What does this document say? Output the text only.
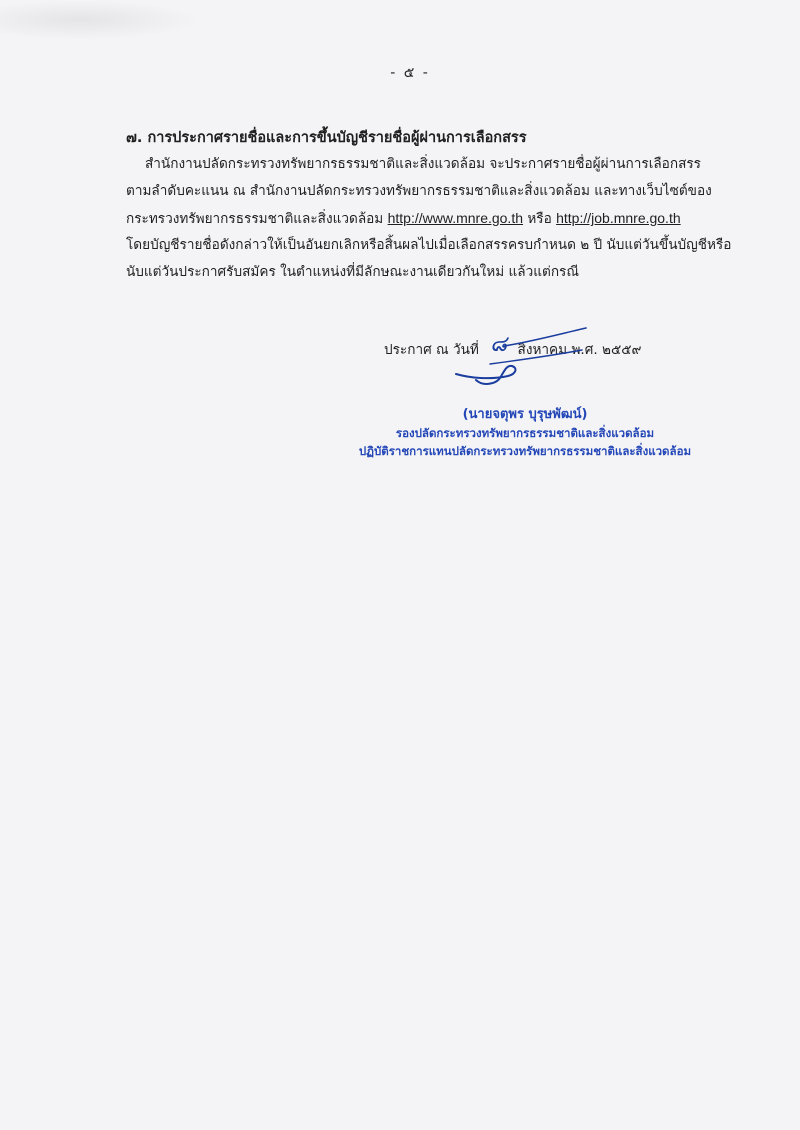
- ๕ -
๗. การประกาศรายชื่อและการขึ้นบัญชีรายชื่อผู้ผ่านการเลือกสรร
สำนักงานปลัดกระทรวงทรัพยากรธรรมชาติและสิ่งแวดล้อม จะประกาศรายชื่อผู้ผ่านการเลือกสรร
ตามลำดับคะแนน ณ สำนักงานปลัดกระทรวงทรัพยากรธรรมชาติและสิ่งแวดล้อม และทางเว็บไซต์ของ
กระทรวงทรัพยากรธรรมชาติและสิ่งแวดล้อม http://www.mnre.go.th หรือ http://job.mnre.go.th
โดยบัญชีรายชื่อดังกล่าวให้เป็นอันยกเลิกหรือสิ้นผลไปเมื่อเลือกสรรครบกำหนด ๒ ปี นับแต่วันขึ้นบัญชีหรือ
นับแต่วันประกาศรับสมัคร ในตำแหน่งที่มีลักษณะงานเดียวกันใหม่ แล้วแต่กรณี
ประกาศ ณ วันที่	สิงหาคม พ.ศ. ๒๕๕๙
๘
(นายจตุพร บุรุษพัฒน์)
รองปลัดกระทรวงทรัพยากรธรรมชาติและสิ่งแวดล้อม
ปฏิบัติราชการแทนปลัดกระทรวงทรัพยากรธรรมชาติและสิ่งแวดล้อม
